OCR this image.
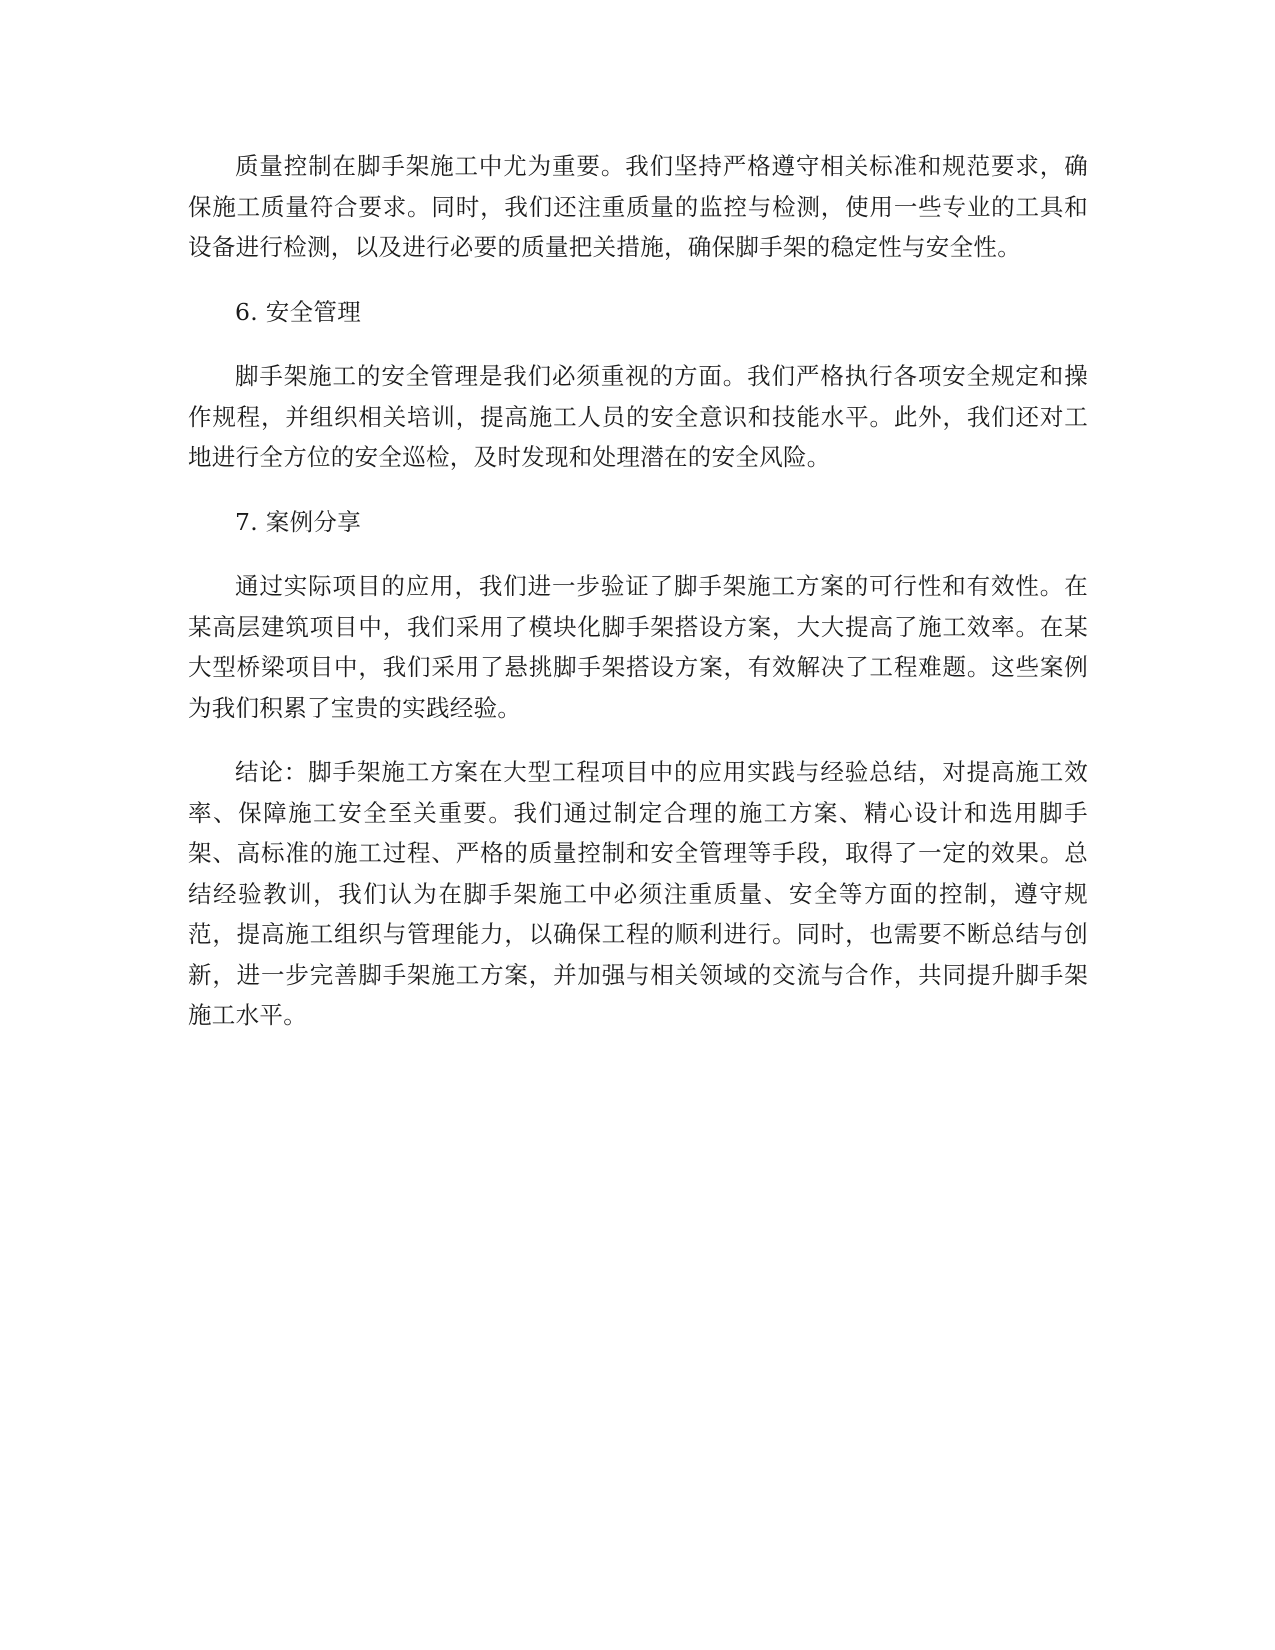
质量控制在脚手架施工中尤为重要。我们坚持严格遵守相关标准和规范要求，确保施工质量符合要求。同时，我们还注重质量的监控与检测，使用一些专业的工具和设备进行检测，以及进行必要的质量把关措施，确保脚手架的稳定性与安全性。

6. 安全管理

脚手架施工的安全管理是我们必须重视的方面。我们严格执行各项安全规定和操作规程，并组织相关培训，提高施工人员的安全意识和技能水平。此外，我们还对工地进行全方位的安全巡检，及时发现和处理潜在的安全风险。

7. 案例分享

通过实际项目的应用，我们进一步验证了脚手架施工方案的可行性和有效性。在某高层建筑项目中，我们采用了模块化脚手架搭设方案，大大提高了施工效率。在某大型桥梁项目中，我们采用了悬挑脚手架搭设方案，有效解决了工程难题。这些案例为我们积累了宝贵的实践经验。

结论：脚手架施工方案在大型工程项目中的应用实践与经验总结，对提高施工效率、保障施工安全至关重要。我们通过制定合理的施工方案、精心设计和选用脚手架、高标准的施工过程、严格的质量控制和安全管理等手段，取得了一定的效果。总结经验教训，我们认为在脚手架施工中必须注重质量、安全等方面的控制，遵守规范，提高施工组织与管理能力，以确保工程的顺利进行。同时，也需要不断总结与创新，进一步完善脚手架施工方案，并加强与相关领域的交流与合作，共同提升脚手架施工水平。
